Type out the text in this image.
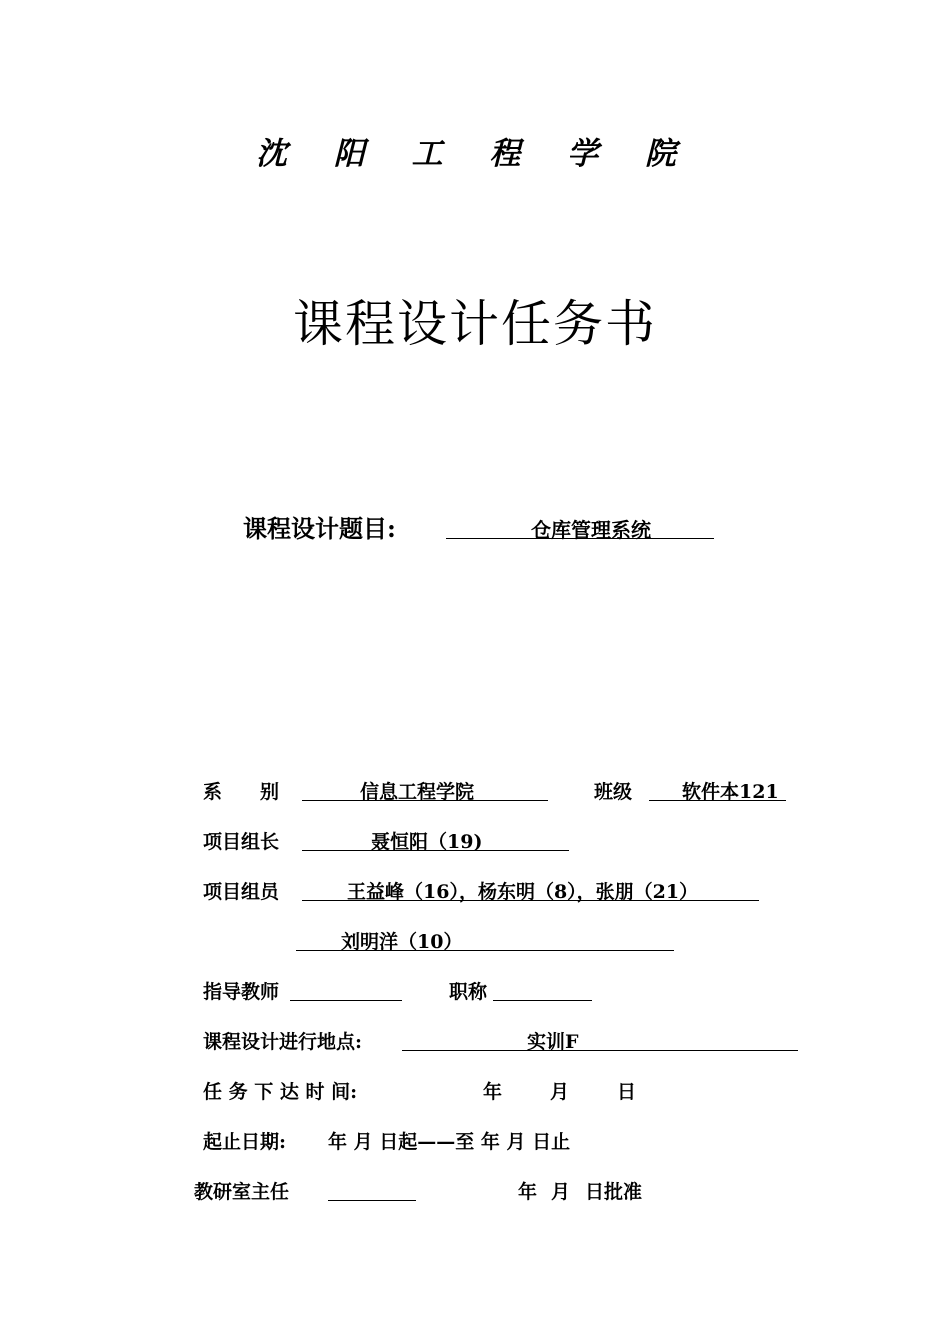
沈 阳 工 程 学 院
课程设计任务书
课程设计题目:	仓库管理系统
系　　别	信息工程学院	班级	软件本121
项目组长	聂恒阳（19)
项目组员	王益峰（16），杨东明（8），张朋（21）
刘明洋（10）
指导教师	职称
课程设计进行地点:	实训F
任 务 下 达 时 间:	年	月	日
起止日期: 年 月 日起——至 年 月 日止
教研室主任	年 月 日批准
